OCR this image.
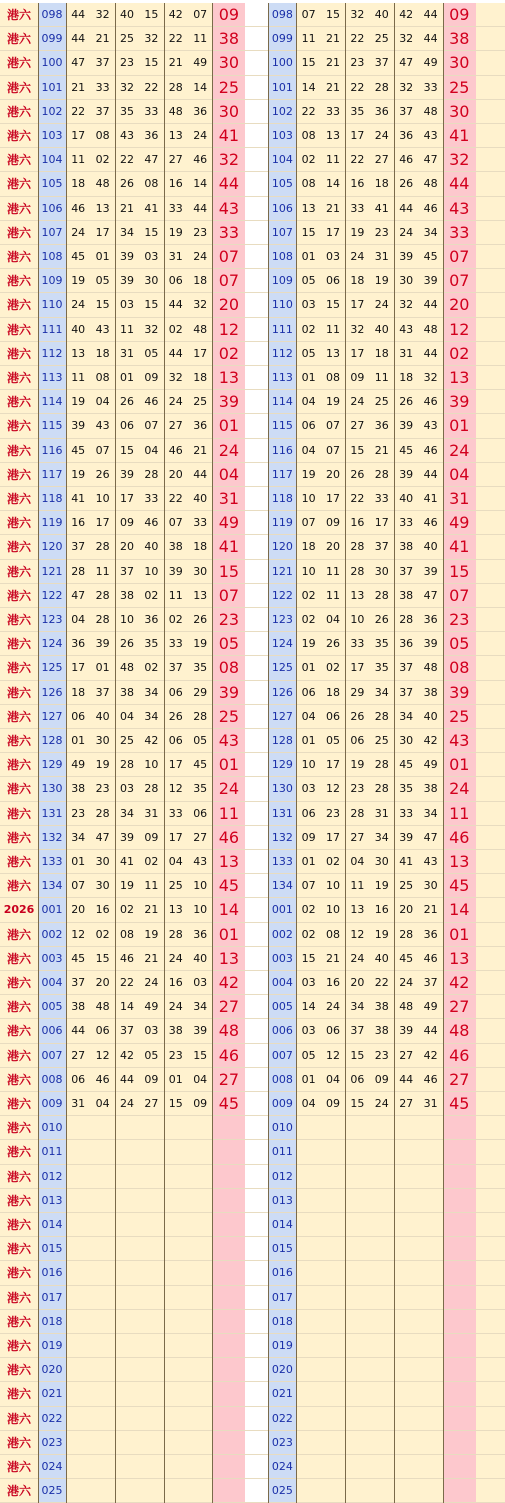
港六 098 44 32 40 15 42 07 09	098 07 15 32 40 42 44 09
港六 099 44 21 25 32 22 11 38	099 11 21 22 25 32 44 38
港六 100 47 37 23 15 21 49 30	100 15 21 23 37 47 49 30
港六 101 21 33 32 22 28 14 25	101 14 21 22 28 32 33 25
港六 102 22 37 35 33 48 36 30	102 22 33 35 36 37 48 30
港六 103 17 08 43 36 13 24 41	103 08 13 17 24 36 43 41
港六 104 11 02 22 47 27 46 32	104 02 11 22 27 46 47 32
港六 105 18 48 26 08 16 14 44	105 08 14 16 18 26 48 44
港六 106 46 13 21 41 33 44 43	106 13 21 33 41 44 46 43
港六 107 24 17 34 15 19 23 33	107 15 17 19 23 24 34 33
港六 108 45 01 39 03 31 24 07	108 01 03 24 31 39 45 07
港六 109 19 05 39 30 06 18 07	109 05 06 18 19 30 39 07
港六 110 24 15 03 15 44 32 20	110 03 15 17 24 32 44 20
港六 111 40 43 11 32 02 48 12	111 02 11 32 40 43 48 12
港六 112 13 18 31 05 44 17 02	112 05 13 17 18 31 44 02
港六 113 11 08 01 09 32 18 13	113 01 08 09 11 18 32 13
港六 114 19 04 26 46 24 25 39	114 04 19 24 25 26 46 39
港六 115 39 43 06 07 27 36 01	115 06 07 27 36 39 43 01
港六 116 45 07 15 04 46 21 24	116 04 07 15 21 45 46 24
港六 117 19 26 39 28 20 44 04	117 19 20 26 28 39 44 04
港六 118 41 10 17 33 22 40 31	118 10 17 22 33 40 41 31
港六 119 16 17 09 46 07 33 49	119 07 09 16 17 33 46 49
港六 120 37 28 20 40 38 18 41	120 18 20 28 37 38 40 41
港六 121 28 11 37 10 39 30 15	121 10 11 28 30 37 39 15
港六 122 47 28 38 02 11 13 07	122 02 11 13 28 38 47 07
港六 123 04 28 10 36 02 26 23	123 02 04 10 26 28 36 23
港六 124 36 39 26 35 33 19 05	124 19 26 33 35 36 39 05
港六 125 17 01 48 02 37 35 08	125 01 02 17 35 37 48 08
港六 126 18 37 38 34 06 29 39	126 06 18 29 34 37 38 39
港六 127 06 40 04 34 26 28 25	127 04 06 26 28 34 40 25
港六 128 01 30 25 42 06 05 43	128 01 05 06 25 30 42 43
港六 129 49 19 28 10 17 45 01	129 10 17 19 28 45 49 01
港六 130 38 23 03 28 12 35 24	130 03 12 23 28 35 38 24
港六 131 23 28 34 31 33 06 11	131 06 23 28 31 33 34 11
港六 132 34 47 39 09 17 27 46	132 09 17 27 34 39 47 46
港六 133 01 30 41 02 04 43 13	133 01 02 04 30 41 43 13
港六 134 07 30 19 11 25 10 45	134 07 10 11 19 25 30 45
2026 001 20 16 02 21 13 10 14	001 02 10 13 16 20 21 14
港六 002 12 02 08 19 28 36 01	002 02 08 12 19 28 36 01
港六 003 45 15 46 21 24 40 13	003 15 21 24 40 45 46 13
港六 004 37 20 22 24 16 03 42	004 03 16 20 22 24 37 42
港六 005 38 48 14 49 24 34 27	005 14 24 34 38 48 49 27
港六 006 44 06 37 03 38 39 48	006 03 06 37 38 39 44 48
港六 007 27 12 42 05 23 15 46	007 05 12 15 23 27 42 46
港六 008 06 46 44 09 01 04 27	008 01 04 06 09 44 46 27
港六 009 31 04 24 27 15 09 45	009 04 09 15 24 27 31 45
港六 010	010
港六 011	011
港六 012	012
港六 013	013
港六 014	014
港六 015	015
港六 016	016
港六 017	017
港六 018	018
港六 019	019
港六 020	020
港六 021	021
港六 022	022
港六 023	023
港六 024	024
港六 025	025
